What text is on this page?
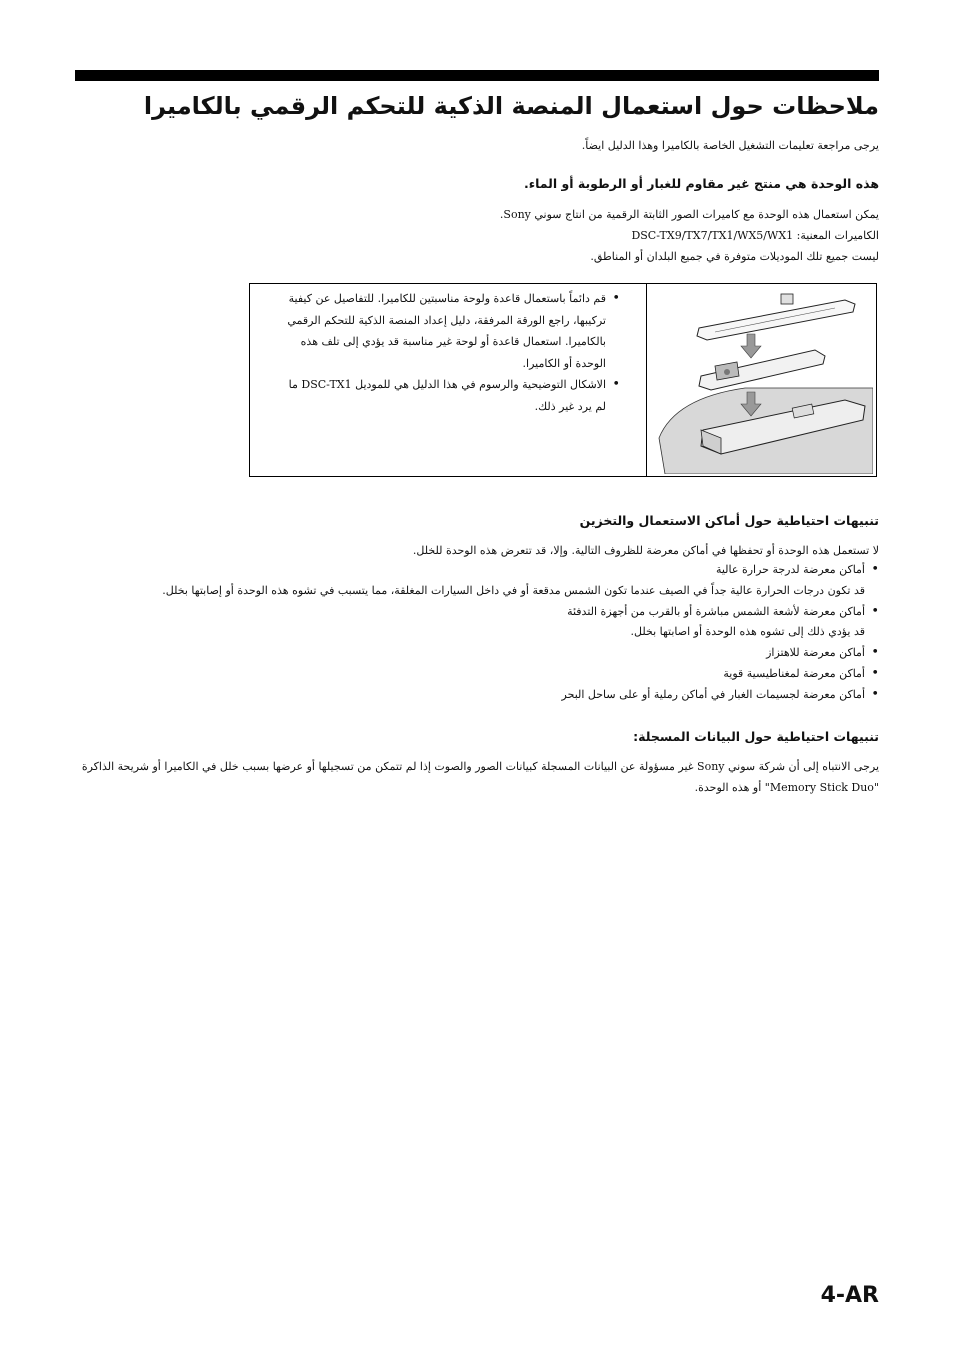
ملاحظات حول استعمال المنصة الذكية للتحكم الرقمي بالكاميرا
يرجى مراجعة تعليمات التشغيل الخاصة بالكاميرا وهذا الدليل ايضاً.
هذه الوحدة هي منتج غير مقاوم للغبار أو الرطوبة أو الماء.
يمكن استعمال هذه الوحدة مع كاميرات الصور الثابتة الرقمية من انتاج سوني Sony.
الكاميرات المعنية: DSC-TX9/TX7/TX1/WX5/WX1
ليست جميع تلك الموديلات متوفرة في جميع البلدان أو المناطق.
• قم دائماً باستعمال قاعدة ولوحة مناسبتين للكاميرا. للتفاصيل عن كيفية تركيبها، راجع الورقة المرفقة، دليل إعداد المنصة الذكية للتحكم الرقمي بالكاميرا. استعمال قاعدة أو لوحة غير مناسبة قد يؤدي إلى تلف هذه الوحدة أو الكاميرا.
• الاشكال التوضيحية والرسوم في هذا الدليل هي للموديل DSC-TX1 ما لم يرد غير ذلك.
تنبيهات احتياطية حول أماكن الاستعمال والتخزين
لا تستعمل هذه الوحدة أو تحفظها في أماكن معرضة للظروف التالية. وإلا، قد تتعرض هذه الوحدة للخلل.
• أماكن معرضة لدرجة حرارة عالية
قد تكون درجات الحرارة عالية جداً في الصيف عندما تكون الشمس مدقعة أو في داخل السيارات المغلقة، مما يتسبب في تشوه هذه الوحدة أو إصابتها بخلل.
• أماكن معرضة لأشعة الشمس مباشرة أو بالقرب من أجهزة التدفئة
قد يؤدي ذلك إلى تشوه هذه الوحدة أو اصابتها بخلل.
• أماكن معرضة للاهتزاز
• أماكن معرضة لمغناطيسية قوية
• أماكن معرضة لجسيمات الغبار في أماكن رملية أو على ساحل البحر
تنبيهات احتياطية حول البيانات المسجلة:
يرجى الانتباه إلى أن شركة سوني Sony غير مسؤولة عن البيانات المسجلة كبيانات الصور والصوت إذا لم تتمكن من تسجيلها أو عرضها بسبب خلل في الكاميرا أو شريحة الذاكرة "Memory Stick Duo" أو هذه الوحدة.
4-AR
